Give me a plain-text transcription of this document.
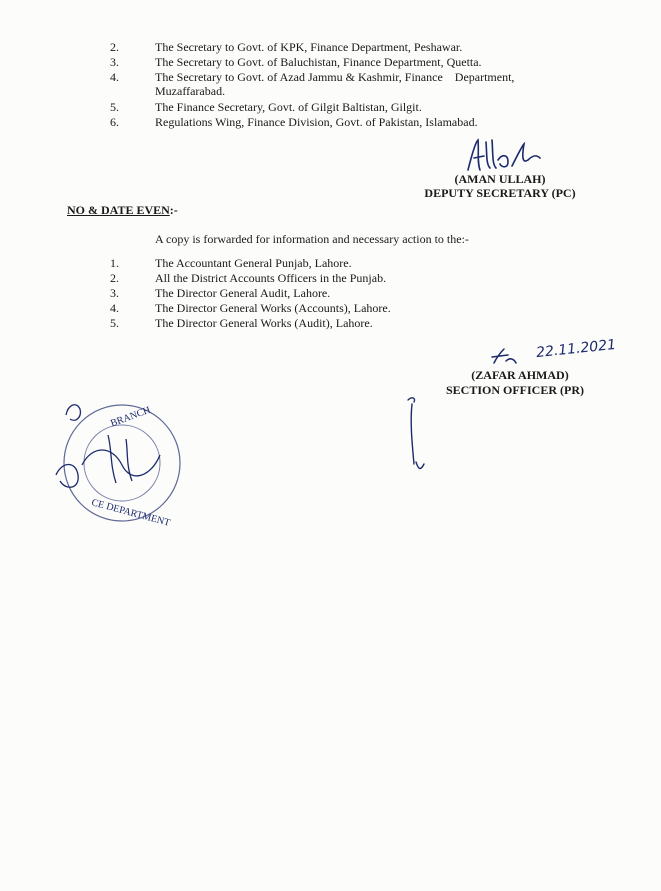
2.	The Secretary to Govt. of KPK, Finance Department, Peshawar.
3.	The Secretary to Govt. of Baluchistan, Finance Department, Quetta.
4.	The Secretary to Govt. of Azad Jammu & Kashmir, Finance    Department,
Muzaffarabad.
5.	The Finance Secretary, Govt. of Gilgit Baltistan, Gilgit.
6.	Regulations Wing, Finance Division, Govt. of Pakistan, Islamabad.
(AMAN ULLAH)
DEPUTY SECRETARY (PC)
NO & DATE EVEN:-
A copy is forwarded for information and necessary action to the:-
1.	The Accountant General Punjab, Lahore.
2.	All the District Accounts Officers in the Punjab.
3.	The Director General Audit, Lahore.
4.	The Director General Works (Accounts), Lahore.
5.	The Director General Works (Audit), Lahore.
22.11.2021
(ZAFAR AHMAD)
SECTION OFFICER (PR)
BRANCH
CE DEPARTMENT
